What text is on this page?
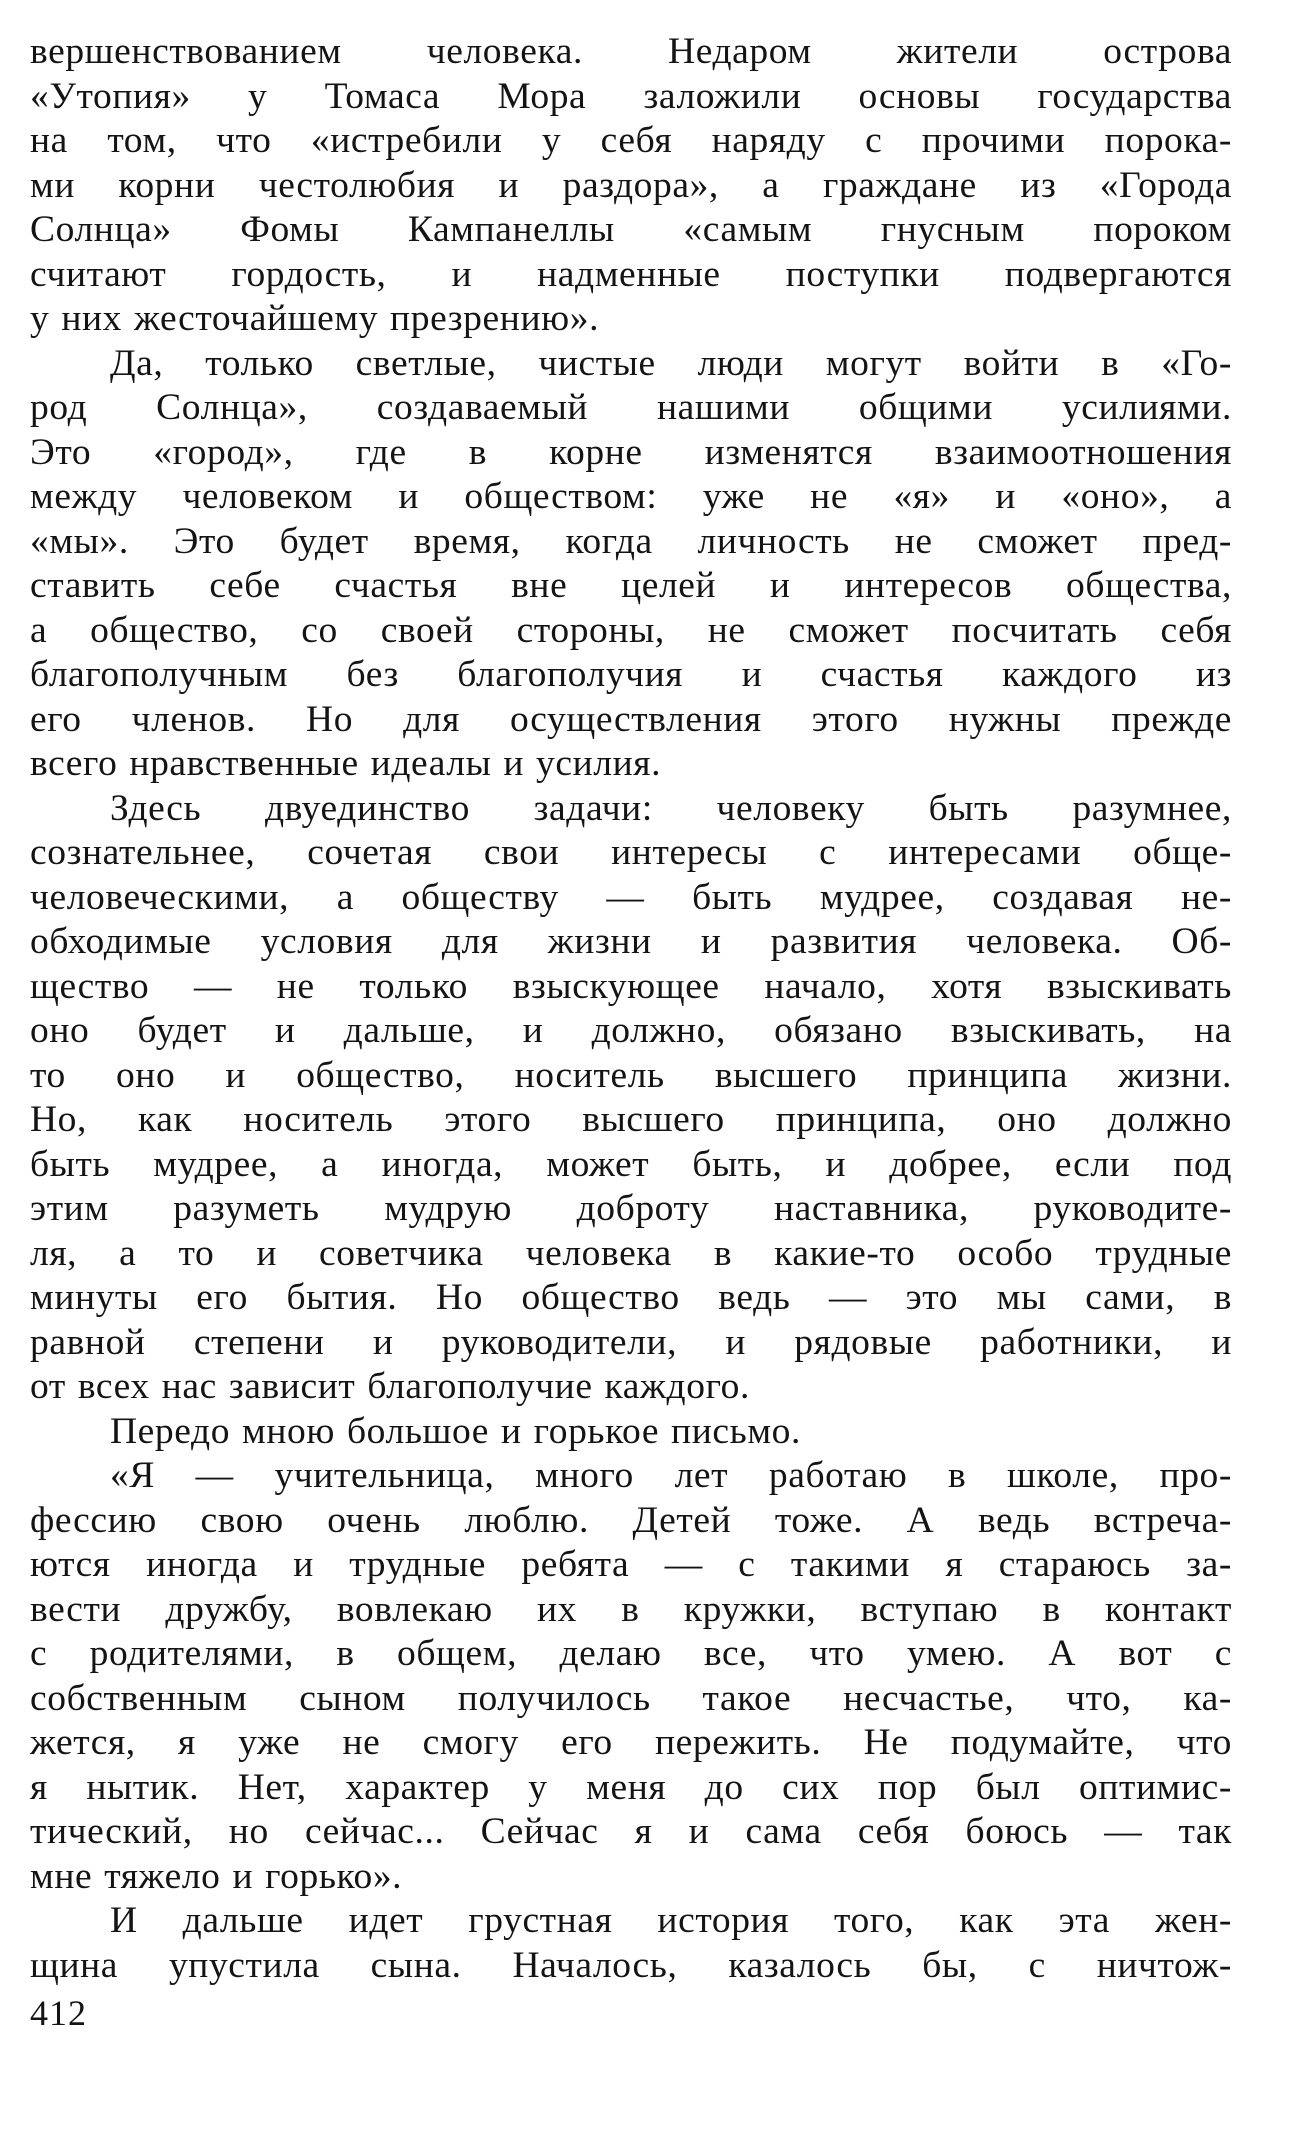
вершенствованием человека. Недаром жители острова
«Утопия» у Томаса Мора заложили основы государства
на том, что «истребили у себя наряду с прочими порока-
ми корни честолюбия и раздора», а граждане из «Города
Солнца» Фомы Кампанеллы «самым гнусным пороком
считают гордость, и надменные поступки подвергаются
у них жесточайшему презрению».

Да, только светлые, чистые люди могут войти в «Го-
род Солнца», создаваемый нашими общими усилиями.
Это «город», где в корне изменятся взаимоотношения
между человеком и обществом: уже не «я» и «оно», а
«мы». Это будет время, когда личность не сможет пред-
ставить себе счастья вне целей и интересов общества,
а общество, со своей стороны, не сможет посчитать себя
благополучным без благополучия и счастья каждого из
его членов. Но для осуществления этого нужны прежде
всего нравственные идеалы и усилия.

Здесь двуединство задачи: человеку быть разумнее,
сознательнее, сочетая свои интересы с интересами обще-
человеческими, а обществу — быть мудрее, создавая не-
обходимые условия для жизни и развития человека. Об-
щество — не только взыскующее начало, хотя взыскивать
оно будет и дальше, и должно, обязано взыскивать, на
то оно и общество, носитель высшего принципа жизни.
Но, как носитель этого высшего принципа, оно должно
быть мудрее, а иногда, может быть, и добрее, если под
этим разуметь мудрую доброту наставника, руководите-
ля, а то и советчика человека в какие-то особо трудные
минуты его бытия. Но общество ведь — это мы сами, в
равной степени и руководители, и рядовые работники, и
от всех нас зависит благополучие каждого.

Передо мною большое и горькое письмо.

«Я — учительница, много лет работаю в школе, про-
фессию свою очень люблю. Детей тоже. А ведь встреча-
ются иногда и трудные ребята — с такими я стараюсь за-
вести дружбу, вовлекаю их в кружки, вступаю в контакт
с родителями, в общем, делаю все, что умею. А вот с
собственным сыном получилось такое несчастье, что, ка-
жется, я уже не смогу его пережить. Не подумайте, что
я нытик. Нет, характер у меня до сих пор был оптимис-
тический, но сейчас... Сейчас я и сама себя боюсь — так
мне тяжело и горько».

И дальше идет грустная история того, как эта жен-
щина упустила сына. Началось, казалось бы, с ничтож-

412
